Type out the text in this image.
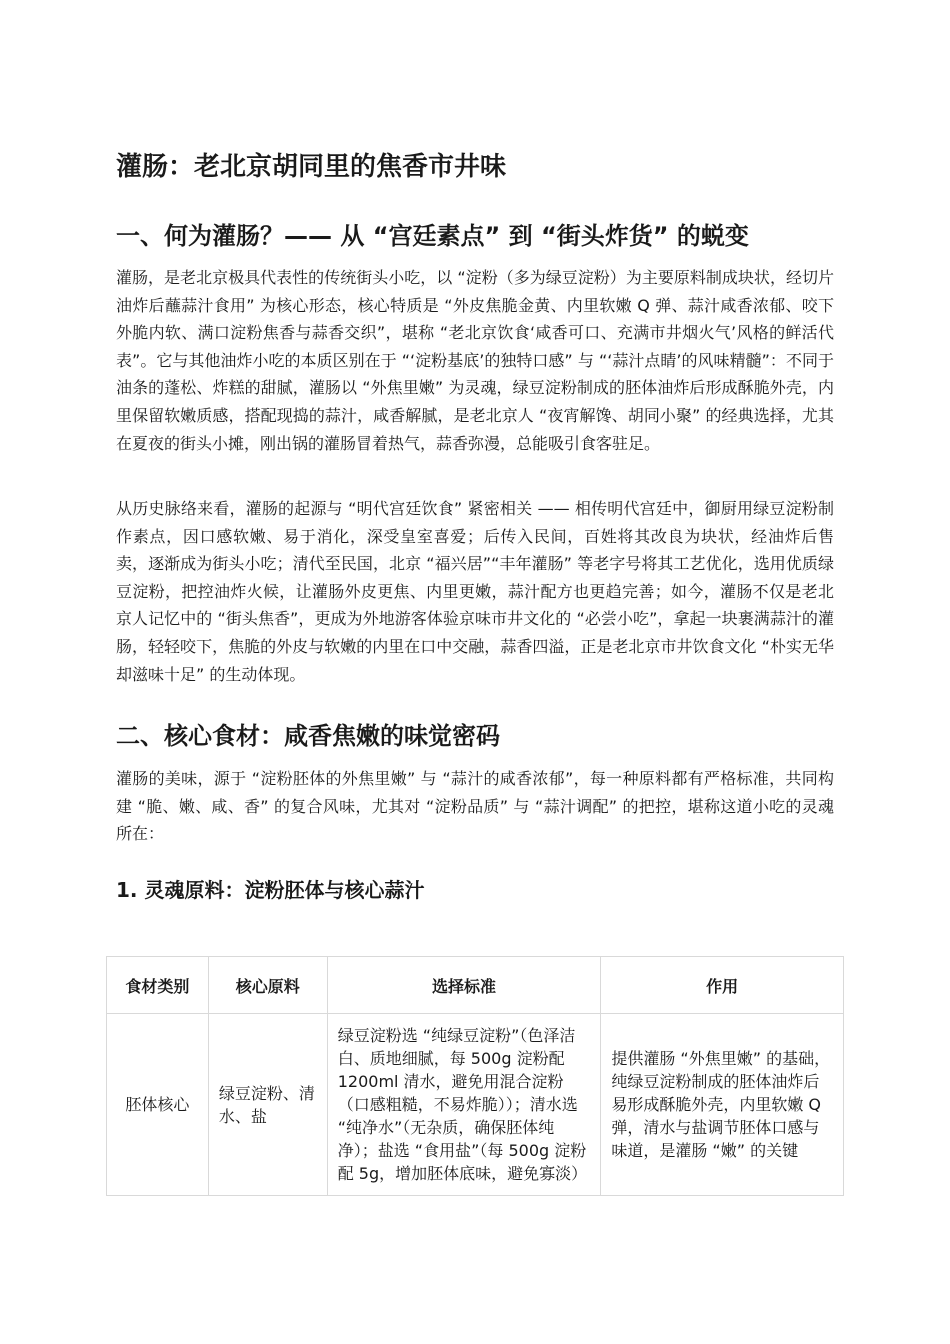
灌肠：老北京胡同里的焦香市井味
一、何为灌肠？—— 从 “宫廷素点” 到 “街头炸货” 的蜕变

灌肠，是老北京极具代表性的传统街头小吃，以 “淀粉（多为绿豆淀粉）为主要原料制成块状，经切片油炸后蘸蒜汁食用” 为核心形态，核心特质是 “外皮焦脆金黄、内里软嫩 Q 弹、蒜汁咸香浓郁、咬下外脆内软、满口淀粉焦香与蒜香交织”，堪称 “老北京饮食‘咸香可口、充满市井烟火气’风格的鲜活代表”。它与其他油炸小吃的本质区别在于 “‘淀粉基底’的独特口感” 与 “‘蒜汁点睛’的风味精髓”：不同于油条的蓬松、炸糕的甜腻，灌肠以 “外焦里嫩” 为灵魂，绿豆淀粉制成的胚体油炸后形成酥脆外壳，内里保留软嫩质感，搭配现捣的蒜汁，咸香解腻，是老北京人 “夜宵解馋、胡同小聚” 的经典选择，尤其在夏夜的街头小摊，刚出锅的灌肠冒着热气，蒜香弥漫，总能吸引食客驻足。

从历史脉络来看，灌肠的起源与 “明代宫廷饮食” 紧密相关 —— 相传明代宫廷中，御厨用绿豆淀粉制作素点，因口感软嫩、易于消化，深受皇室喜爱；后传入民间，百姓将其改良为块状，经油炸后售卖，逐渐成为街头小吃；清代至民国，北京 “福兴居”“丰年灌肠” 等老字号将其工艺优化，选用优质绿豆淀粉，把控油炸火候，让灌肠外皮更焦、内里更嫩，蒜汁配方也更趋完善；如今，灌肠不仅是老北京人记忆中的 “街头焦香”，更成为外地游客体验京味市井文化的 “必尝小吃”，拿起一块裹满蒜汁的灌肠，轻轻咬下，焦脆的外皮与软嫩的内里在口中交融，蒜香四溢，正是老北京市井饮食文化 “朴实无华却滋味十足” 的生动体现。

二、核心食材：咸香焦嫩的味觉密码

灌肠的美味，源于 “淀粉胚体的外焦里嫩” 与 “蒜汁的咸香浓郁”，每一种原料都有严格标准，共同构建 “脆、嫩、咸、香” 的复合风味，尤其对 “淀粉品质” 与 “蒜汁调配” 的把控，堪称这道小吃的灵魂所在：

1. 灵魂原料：淀粉胚体与核心蒜汁
食材类别	核心原料	选择标准	作用
胚体核心	绿豆淀粉、清水、盐	绿豆淀粉选 “纯绿豆淀粉”（色泽洁白、质地细腻，每 500g 淀粉配 1200ml 清水，避免用混合淀粉（口感粗糙，不易炸脆））；清水选 “纯净水”（无杂质，确保胚体纯净）；盐选 “食用盐”（每 500g 淀粉配 5g，增加胚体底味，避免寡淡）	提供灌肠 “外焦里嫩” 的基础，纯绿豆淀粉制成的胚体油炸后易形成酥脆外壳，内里软嫩 Q 弹，清水与盐调节胚体口感与味道，是灌肠 “嫩” 的关键
